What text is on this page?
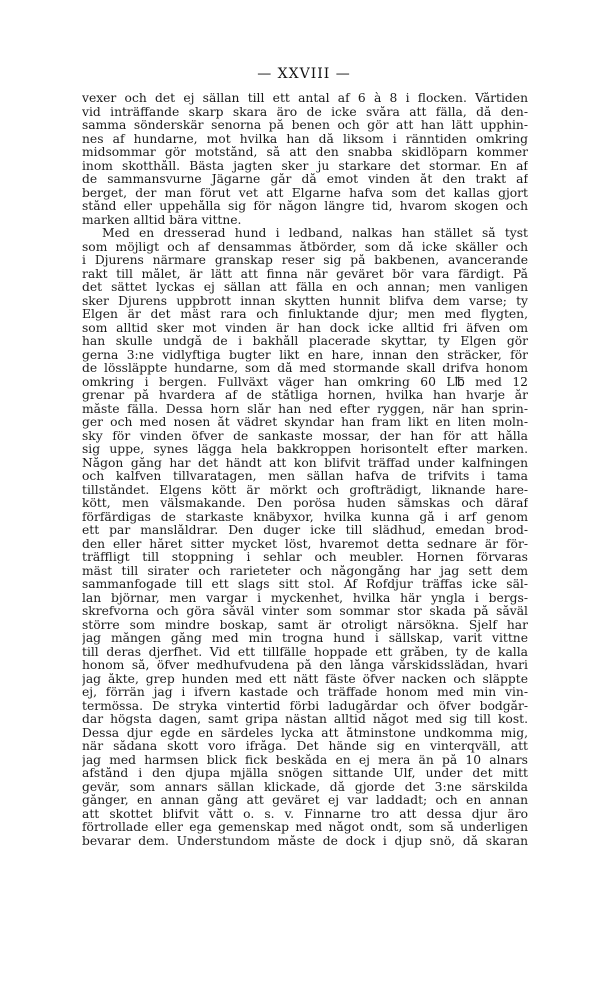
— XXVIII —
vexer och det ej sällan till ett antal af 6 à 8 i flocken. Vårtiden
vid inträffande skarp skara äro de icke svåra att fälla, då den-
samma sönderskär senorna på benen och gör att han lätt upphin-
nes af hundarne, mot hvilka han då liksom i ränntiden omkring
midsommar gör motstånd, så att den snabba skidlöparn kommer
inom skotthåll. Bästa jagten sker ju starkare det stormar. En af
de sammansvurne Jägarne går då emot vinden åt den trakt af
berget, der man förut vet att Elgarne hafva som det kallas gjort
stånd eller uppehålla sig för någon längre tid, hvarom skogen och
marken alltid bära vittne.
Med en dresserad hund i ledband, nalkas han stället så tyst
som möjligt och af densammas åtbörder, som då icke skäller och
i Djurens närmare granskap reser sig på bakbenen, avancerande
rakt till målet, är lätt att finna när geväret bör vara färdigt. På
det sättet lyckas ej sällan att fälla en och annan; men vanligen
sker Djurens uppbrott innan skytten hunnit blifva dem varse; ty
Elgen är det mäst rara och finluktande djur; men med flygten,
som alltid sker mot vinden är han dock icke alltid fri äfven om
han skulle undgå de i bakhåll placerade skyttar, ty Elgen gör
gerna 3:ne vidlyftiga bugter likt en hare, innan den sträcker, för
de lössläppte hundarne, som då med stormande skall drifva honom
omkring i bergen. Fullväxt väger han omkring 60 L℔ med 12
grenar på hvardera af de ståtliga hornen, hvilka han hvarje år
måste fälla. Dessa horn slår han ned efter ryggen, när han sprin-
ger och med nosen åt vädret skyndar han fram likt en liten moln-
sky för vinden öfver de sankaste mossar, der han för att hålla
sig uppe, synes lägga hela bakkroppen horisontelt efter marken.
Någon gång har det händt att kon blifvit träffad under kalfningen
och kalfven tillvaratagen, men sällan hafva de trifvits i tama
tillståndet. Elgens kött är mörkt och grofträdigt, liknande hare-
kött, men välsmakande. Den porösa huden sämskas och däraf
förfärdigas de starkaste knäbyxor, hvilka kunna gå i arf genom
ett par manslåldrar. Den duger icke till slädhud, emedan brod-
den eller håret sitter mycket löst, hvaremot detta sednare är för-
träffligt till stoppning i sehlar och meubler. Hornen förvaras
mäst till sirater och rarieteter och någongång har jag sett dem
sammanfogade till ett slags sitt stol. Af Rofdjur träffas icke säl-
lan björnar, men vargar i myckenhet, hvilka här yngla i bergs-
skrefvorna och göra såväl vinter som sommar stor skada på såväl
större som mindre boskap, samt är otroligt närsökna. Sjelf har
jag mången gång med min trogna hund i sällskap, varit vittne
till deras djerfhet. Vid ett tillfälle hoppade ett gråben, ty de kalla
honom så, öfver medhufvudena på den långa vårskidsslädan, hvari
jag åkte, grep hunden med ett nätt fäste öfver nacken och släppte
ej, förrän jag i ifvern kastade och träffade honom med min vin-
termössa. De stryka vintertid förbi ladugårdar och öfver bodgår-
dar högsta dagen, samt gripa nästan alltid något med sig till kost.
Dessa djur egde en särdeles lycka att åtminstone undkomma mig,
när sådana skott voro ifråga. Det hände sig en vinterqväll, att
jag med harmsen blick fick beskåda en ej mera än på 10 alnars
afstånd i den djupa mjälla snögen sittande Ulf, under det mitt
gevär, som annars sällan klickade, då gjorde det 3:ne särskilda
gånger, en annan gång att geväret ej var laddadt; och en annan
att skottet blifvit vått o. s. v. Finnarne tro att dessa djur äro
förtrollade eller ega gemenskap med något ondt, som så underligen
bevarar dem. Understundom måste de dock i djup snö, då skaran
